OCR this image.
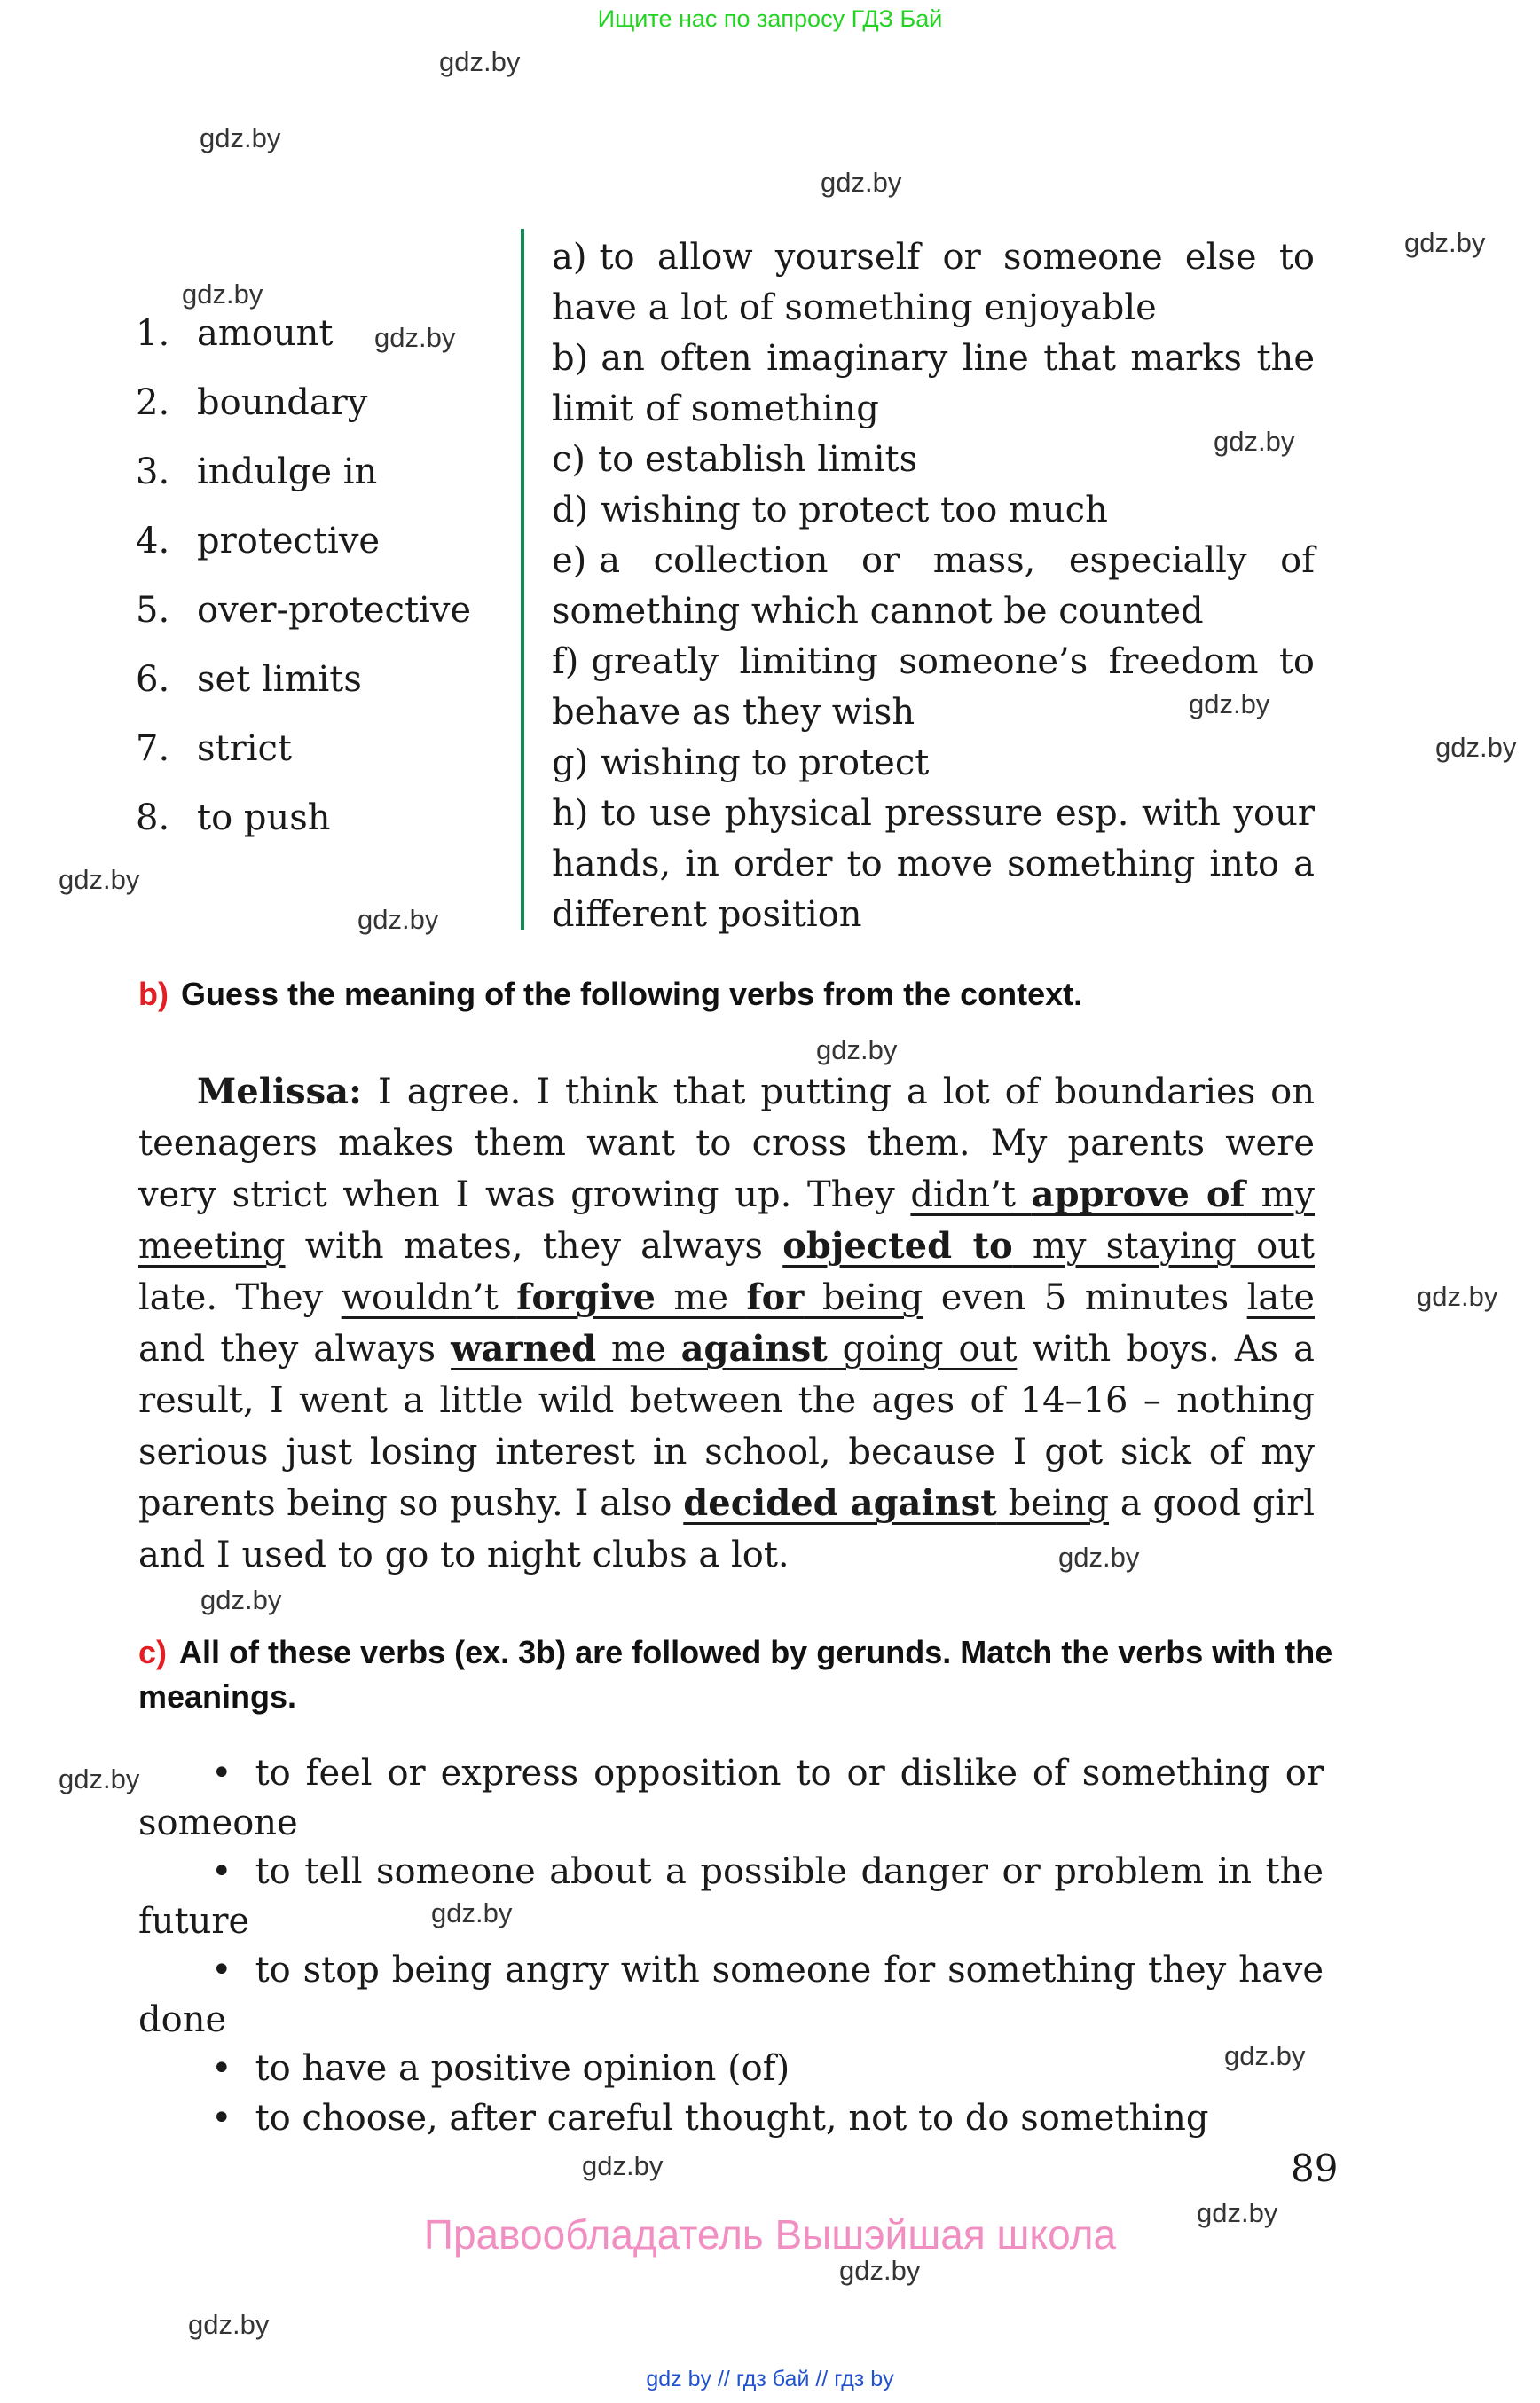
Ищите нас по запросу ГДЗ Бай
gdz.by
gdz.by
gdz.by
gdz.by
gdz.by
gdz.by
gdz.by
gdz.by
gdz.by
gdz.by
gdz.by
gdz.by
gdz.by
gdz.by
gdz.by
gdz.by
gdz.by
gdz.by
gdz.by
gdz.by
gdz.by
gdz.by
1. amount
2. boundary
3. indulge in
4. protective
5. over-protective
6. set limits
7. strict
8. to push

a) to allow yourself or someone else to have a lot of something enjoyable

b) an often imaginary line that marks the limit of something

c) to establish limits

d) wishing to protect too much

e) a collection or mass, especially of something which cannot be counted

f) greatly limiting someone’s freedom to behave as they wish

g) wishing to protect

h) to use physical pressure esp. with your hands, in order to move something into a different position

b) Guess the meaning of the following verbs from the context.
Melissa: I agree. I think that putting a lot of boundaries on
teenagers makes them want to cross them. My parents were
very strict when I was growing up. They didn’t approve of my
meeting with mates, they always objected to my staying out
late. They wouldn’t forgive me for being even 5 minutes late
and they always warned me against going out with boys. As a
result, I went a little wild between the ages of 14–16 – nothing
serious just losing interest in school, because I got sick of my
parents being so pushy. I also decided against being a good girl
and I used to go to night clubs a lot.
c) All of these verbs (ex. 3b) are followed by gerunds. Match the verbs with the meanings.

• to feel or express opposition to or dislike of something or someone

• to tell someone about a possible danger or problem in the future

• to stop being angry with someone for something they have done

• to have a positive opinion (of)

• to choose, after careful thought, not to do something

89
Правообладатель Вышэйшая школа
gdz by // гдз бай // гдз by
